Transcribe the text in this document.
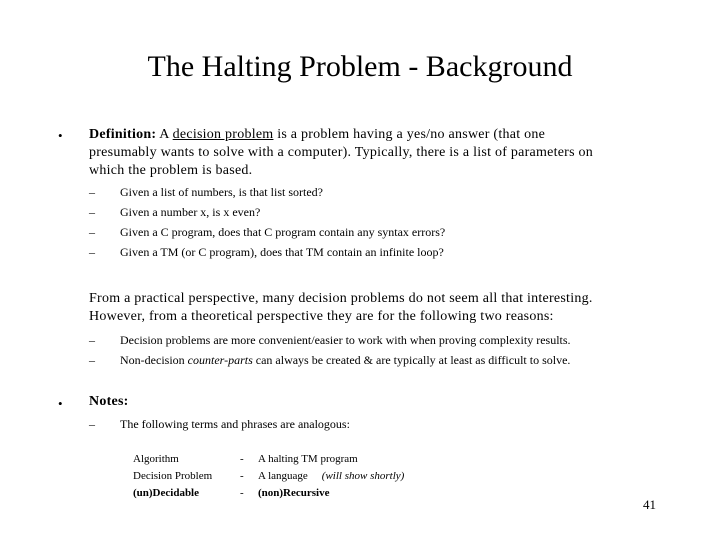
The Halting Problem - Background
• Definition: A decision problem is a problem having a yes/no answer (that one
presumably wants to solve with a computer). Typically, there is a list of parameters on
which the problem is based.
– Given a list of numbers, is that list sorted?
– Given a number x, is x even?
– Given a C program, does that C program contain any syntax errors?
– Given a TM (or C program), does that TM contain an infinite loop?
From a practical perspective, many decision problems do not seem all that interesting.
However, from a theoretical perspective they are for the following two reasons:
– Decision problems are more convenient/easier to work with when proving complexity results.
– Non-decision counter-parts can always be created & are typically at least as difficult to solve.
• Notes:
– The following terms and phrases are analogous:
Algorithm
Decision Problem
(un)Decidable
-
-
-
A halting TM program
A language (will show shortly)
(non)Recursive
41
